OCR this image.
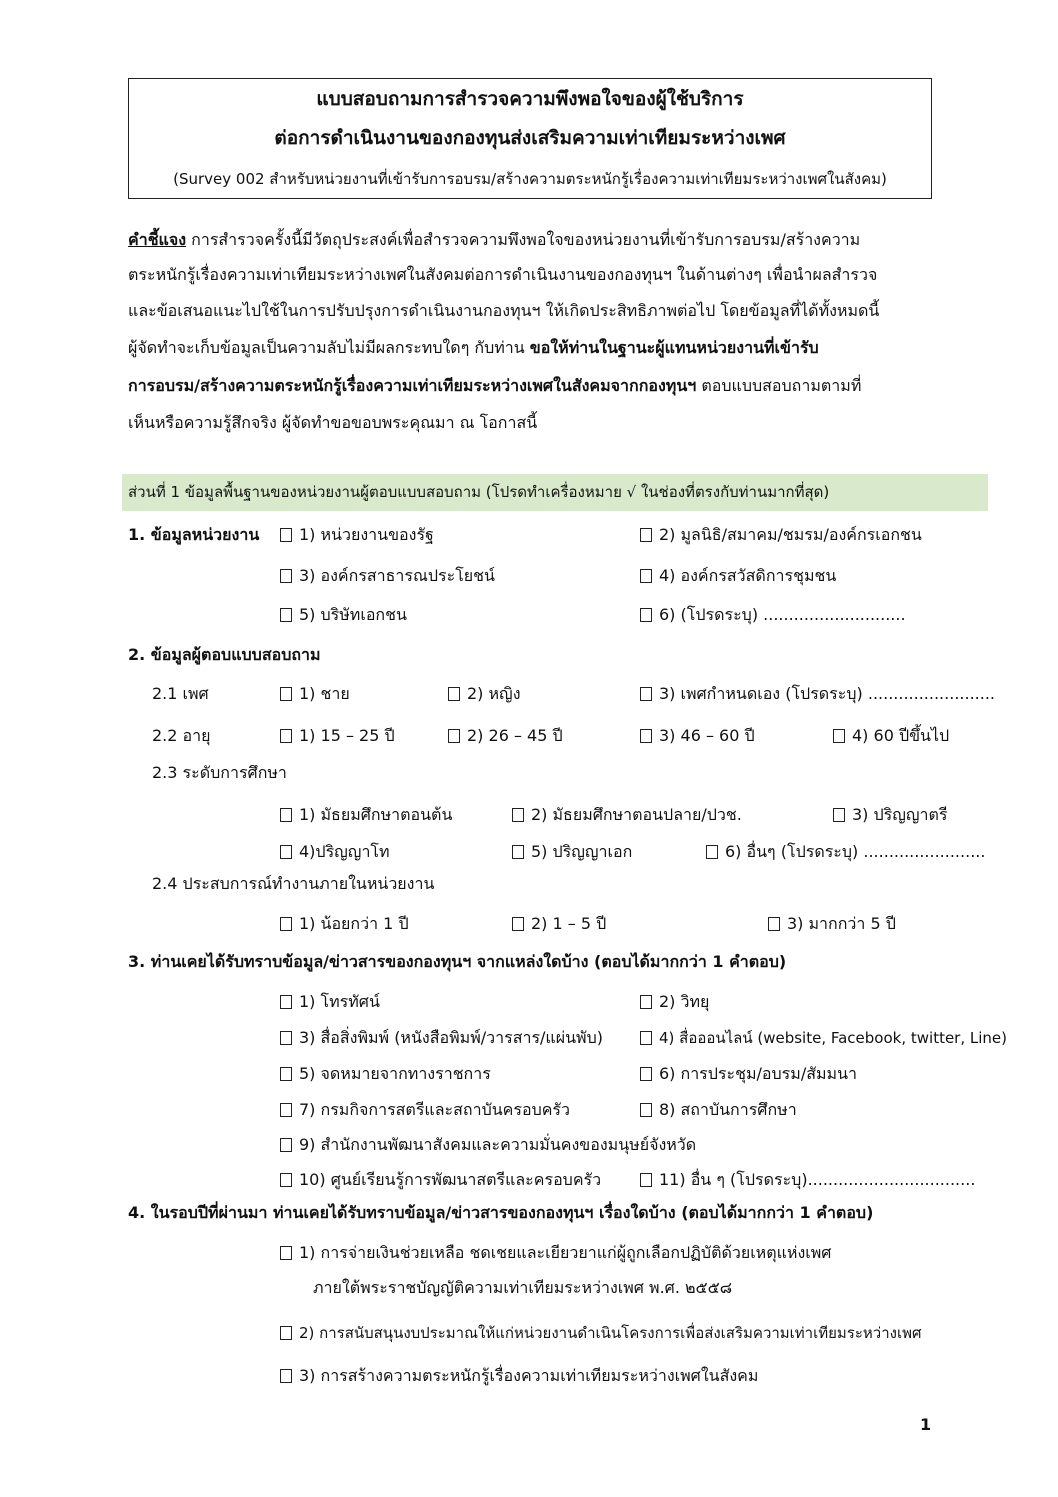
แบบสอบถามการสำรวจความพึงพอใจของผู้ใช้บริการ
ต่อการดำเนินงานของกองทุนส่งเสริมความเท่าเทียมระหว่างเพศ
(Survey 002 สำหรับหน่วยงานที่เข้ารับการอบรม/สร้างความตระหนักรู้เรื่องความเท่าเทียมระหว่างเพศในสังคม)
คำชี้แจง การสำรวจครั้งนี้มีวัตถุประสงค์เพื่อสำรวจความพึงพอใจของหน่วยงานที่เข้ารับการอบรม/สร้างความ
ตระหนักรู้เรื่องความเท่าเทียมระหว่างเพศในสังคมต่อการดำเนินงานของกองทุนฯ ในด้านต่างๆ เพื่อนำผลสำรวจ
และข้อเสนอแนะไปใช้ในการปรับปรุงการดำเนินงานกองทุนฯ ให้เกิดประสิทธิภาพต่อไป โดยข้อมูลที่ได้ทั้งหมดนี้
ผู้จัดทำจะเก็บข้อมูลเป็นความลับไม่มีผลกระทบใดๆ กับท่าน ขอให้ท่านในฐานะผู้แทนหน่วยงานที่เข้ารับ
การอบรม/สร้างความตระหนักรู้เรื่องความเท่าเทียมระหว่างเพศในสังคมจากกองทุนฯ ตอบแบบสอบถามตามที่
เห็นหรือความรู้สึกจริง ผู้จัดทำขอขอบพระคุณมา ณ โอกาสนี้
ส่วนที่ 1 ข้อมูลพื้นฐานของหน่วยงานผู้ตอบแบบสอบถาม (โปรดทำเครื่องหมาย √ ในช่องที่ตรงกับท่านมากที่สุด)
1. ข้อมูลหน่วยงาน	1) หน่วยงานของรัฐ	2) มูลนิธิ/สมาคม/ชมรม/องค์กรเอกชน
3) องค์กรสาธารณประโยชน์	4) องค์กรสวัสดิการชุมชน
5) บริษัทเอกชน	6) (โปรดระบุ) ............................
2. ข้อมูลผู้ตอบแบบสอบถาม
2.1 เพศ	1) ชาย	2) หญิง	3) เพศกำหนดเอง (โปรดระบุ) .........................
2.2 อายุ	1) 15 – 25 ปี	2) 26 – 45 ปี	3) 46 – 60 ปี	4) 60 ปีขึ้นไป
2.3 ระดับการศึกษา
1) มัธยมศึกษาตอนต้น	2) มัธยมศึกษาตอนปลาย/ปวช.	3) ปริญญาตรี
4)ปริญญาโท	5) ปริญญาเอก	6) อื่นๆ (โปรดระบุ) ........................
2.4 ประสบการณ์ทำงานภายในหน่วยงาน
1) น้อยกว่า 1 ปี	2) 1 – 5 ปี	3) มากกว่า 5 ปี
3. ท่านเคยได้รับทราบข้อมูล/ข่าวสารของกองทุนฯ จากแหล่งใดบ้าง (ตอบได้มากกว่า 1 คำตอบ)
1) โทรทัศน์	2) วิทยุ
3) สื่อสิ่งพิมพ์ (หนังสือพิมพ์/วารสาร/แผ่นพับ)	4) สื่อออนไลน์ (website, Facebook, twitter, Line)
5) จดหมายจากทางราชการ	6) การประชุม/อบรม/สัมมนา
7) กรมกิจการสตรีและสถาบันครอบครัว	8) สถาบันการศึกษา
9) สำนักงานพัฒนาสังคมและความมั่นคงของมนุษย์จังหวัด
10) ศูนย์เรียนรู้การพัฒนาสตรีและครอบครัว	11) อื่น ๆ (โปรดระบุ).................................
4. ในรอบปีที่ผ่านมา ท่านเคยได้รับทราบข้อมูล/ข่าวสารของกองทุนฯ เรื่องใดบ้าง (ตอบได้มากกว่า 1 คำตอบ)
1) การจ่ายเงินช่วยเหลือ ชดเชยและเยียวยาแก่ผู้ถูกเลือกปฏิบัติด้วยเหตุแห่งเพศ
ภายใต้พระราชบัญญัติความเท่าเทียมระหว่างเพศ พ.ศ. ๒๕๕๘
2) การสนับสนุนงบประมาณให้แก่หน่วยงานดำเนินโครงการเพื่อส่งเสริมความเท่าเทียมระหว่างเพศ
3) การสร้างความตระหนักรู้เรื่องความเท่าเทียมระหว่างเพศในสังคม
1
